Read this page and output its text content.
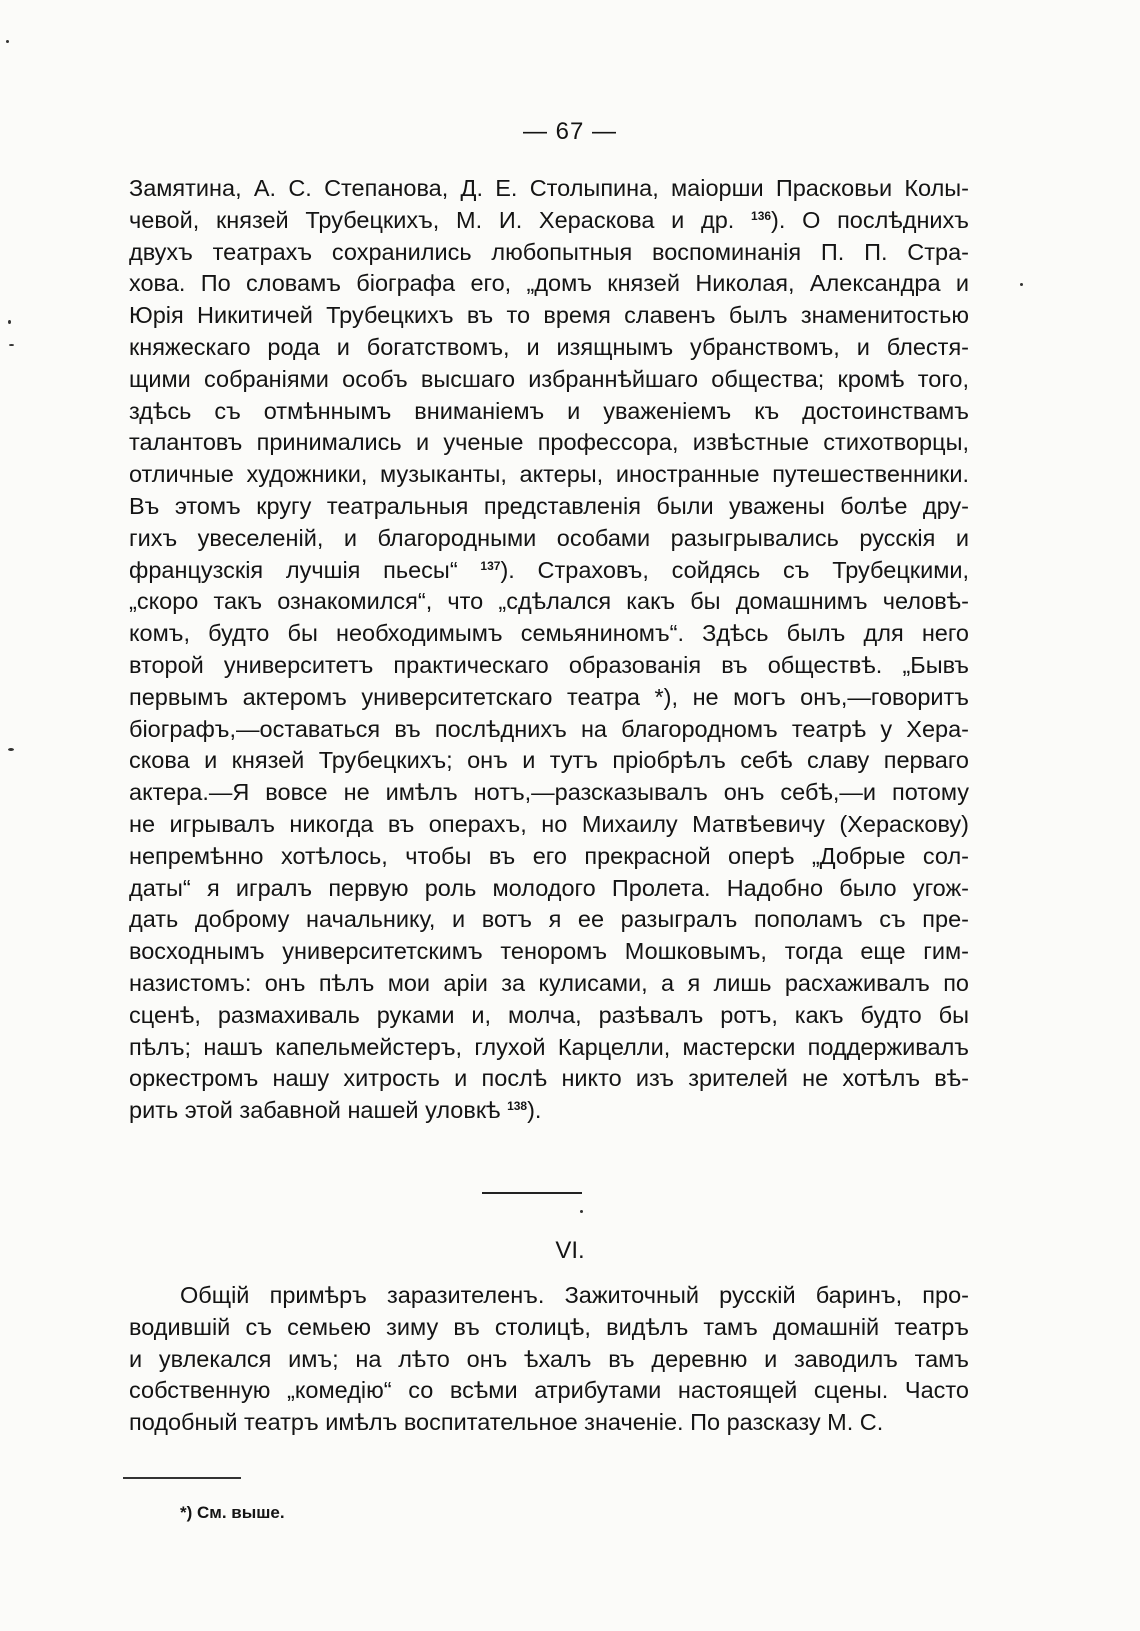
— 67 —
Замятина, А. С. Степанова, Д. Е. Столыпина, маіорши Прасковьи Колы-
чевой, князей Трубецкихъ, М. И. Хераскова и др. $^{136}$). О послѣднихъ
двухъ театрахъ сохранились любопытныя воспоминанія П. П. Стра-
хова. По словамъ біографа его, „домъ князей Николая, Александра и
Юрія Никитичей Трубецкихъ въ то время славенъ былъ знаменитостью
княжескаго рода и богатствомъ, и изящнымъ убранствомъ, и блестя-
щими собраніями особъ высшаго избраннѣйшаго общества; кромѣ того,
здѣсь съ отмѣннымъ вниманіемъ и уваженіемъ къ достоинствамъ
талантовъ принимались и ученые профессора, извѣстные стихотворцы,
отличные художники, музыканты, актеры, иностранные путешественники.
Въ этомъ кругу театральныя представленія были уважены болѣе дру-
гихъ увеселеній, и благородными особами разыгрывались русскія и
французскія лучшія пьесы“ $^{137}$). Страховъ, сойдясь съ Трубецкими,
„скоро такъ ознакомился“, что „сдѣлался какъ бы домашнимъ человѣ-
комъ, будто бы необходимымъ семьяниномъ“. Здѣсь былъ для него
второй университетъ практическаго образованія въ обществѣ. „Бывъ
первымъ актеромъ университетскаго театра *), не могъ онъ,—говоритъ
біографъ,—оставаться въ послѣднихъ на благородномъ театрѣ у Хера-
скова и князей Трубецкихъ; онъ и тутъ пріобрѣлъ себѣ славу перваго
актера.—Я вовсе не имѣлъ нотъ,—разсказывалъ онъ себѣ,—и потому
не игрывалъ никогда въ операхъ, но Михаилу Матвѣевичу (Хераскову)
непремѣнно хотѣлось, чтобы въ его прекрасной оперѣ „Добрые сол-
даты“ я игралъ первую роль молодого Пролета. Надобно было угож-
дать доброму начальнику, и вотъ я ее разыгралъ пополамъ съ пре-
восходнымъ университетскимъ теноромъ Мошковымъ, тогда еще гим-
назистомъ: онъ пѣлъ мои аріи за кулисами, а я лишь расхаживалъ по
сценѣ, размахиваль руками и, молча, разѣвалъ ротъ, какъ будто бы
пѣлъ; нашъ капельмейстеръ, глухой Карцелли, мастерски поддерживалъ
оркестромъ нашу хитрость и послѣ никто изъ зрителей не хотѣлъ вѣ-
рить этой забавной нашей уловкѣ $^{138}$).
VI.
Общій примѣръ заразителенъ. Зажиточный русскій баринъ, про-
водившій съ семьею зиму въ столицѣ, видѣлъ тамъ домашній театръ
и увлекался имъ; на лѣто онъ ѣхалъ въ деревню и заводилъ тамъ
собственную „комедію“ со всѣми атрибутами настоящей сцены. Часто
подобный театръ имѣлъ воспитательное значеніе. По разсказу М. С.
*) См. выше.
